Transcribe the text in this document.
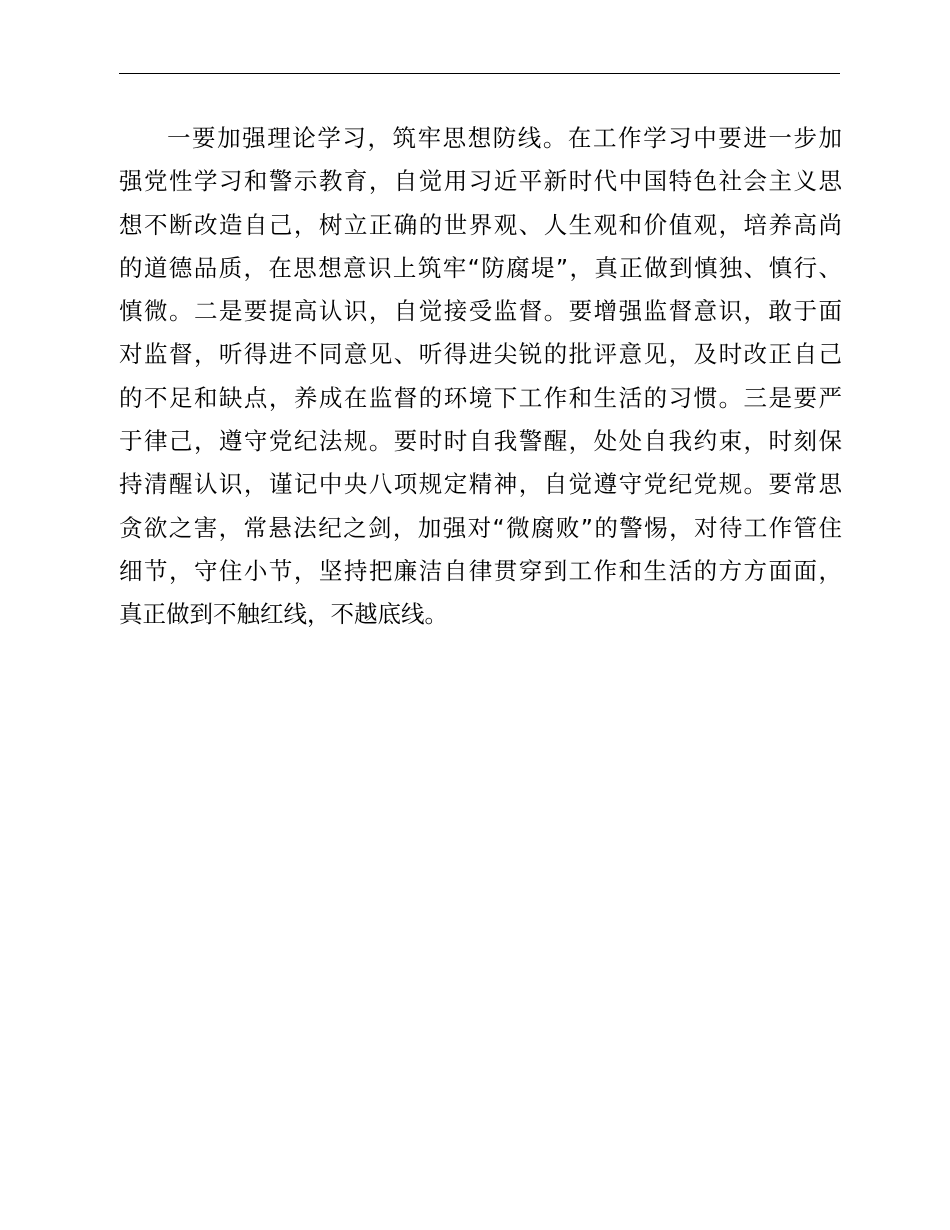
一要加强理论学习，筑牢思想防线。在工作学习中要进一步加
强党性学习和警示教育，自觉用习近平新时代中国特色社会主义思
想不断改造自己，树立正确的世界观、人生观和价值观，培养高尚
的道德品质，在思想意识上筑牢“防腐堤”，真正做到慎独、慎行、
慎微。二是要提高认识，自觉接受监督。要增强监督意识，敢于面
对监督，听得进不同意见、听得进尖锐的批评意见，及时改正自己
的不足和缺点，养成在监督的环境下工作和生活的习惯。三是要严
于律己，遵守党纪法规。要时时自我警醒，处处自我约束，时刻保
持清醒认识，谨记中央八项规定精神，自觉遵守党纪党规。要常思
贪欲之害，常悬法纪之剑，加强对“微腐败”的警惕，对待工作管住
细节，守住小节，坚持把廉洁自律贯穿到工作和生活的方方面面，
真正做到不触红线，不越底线。
